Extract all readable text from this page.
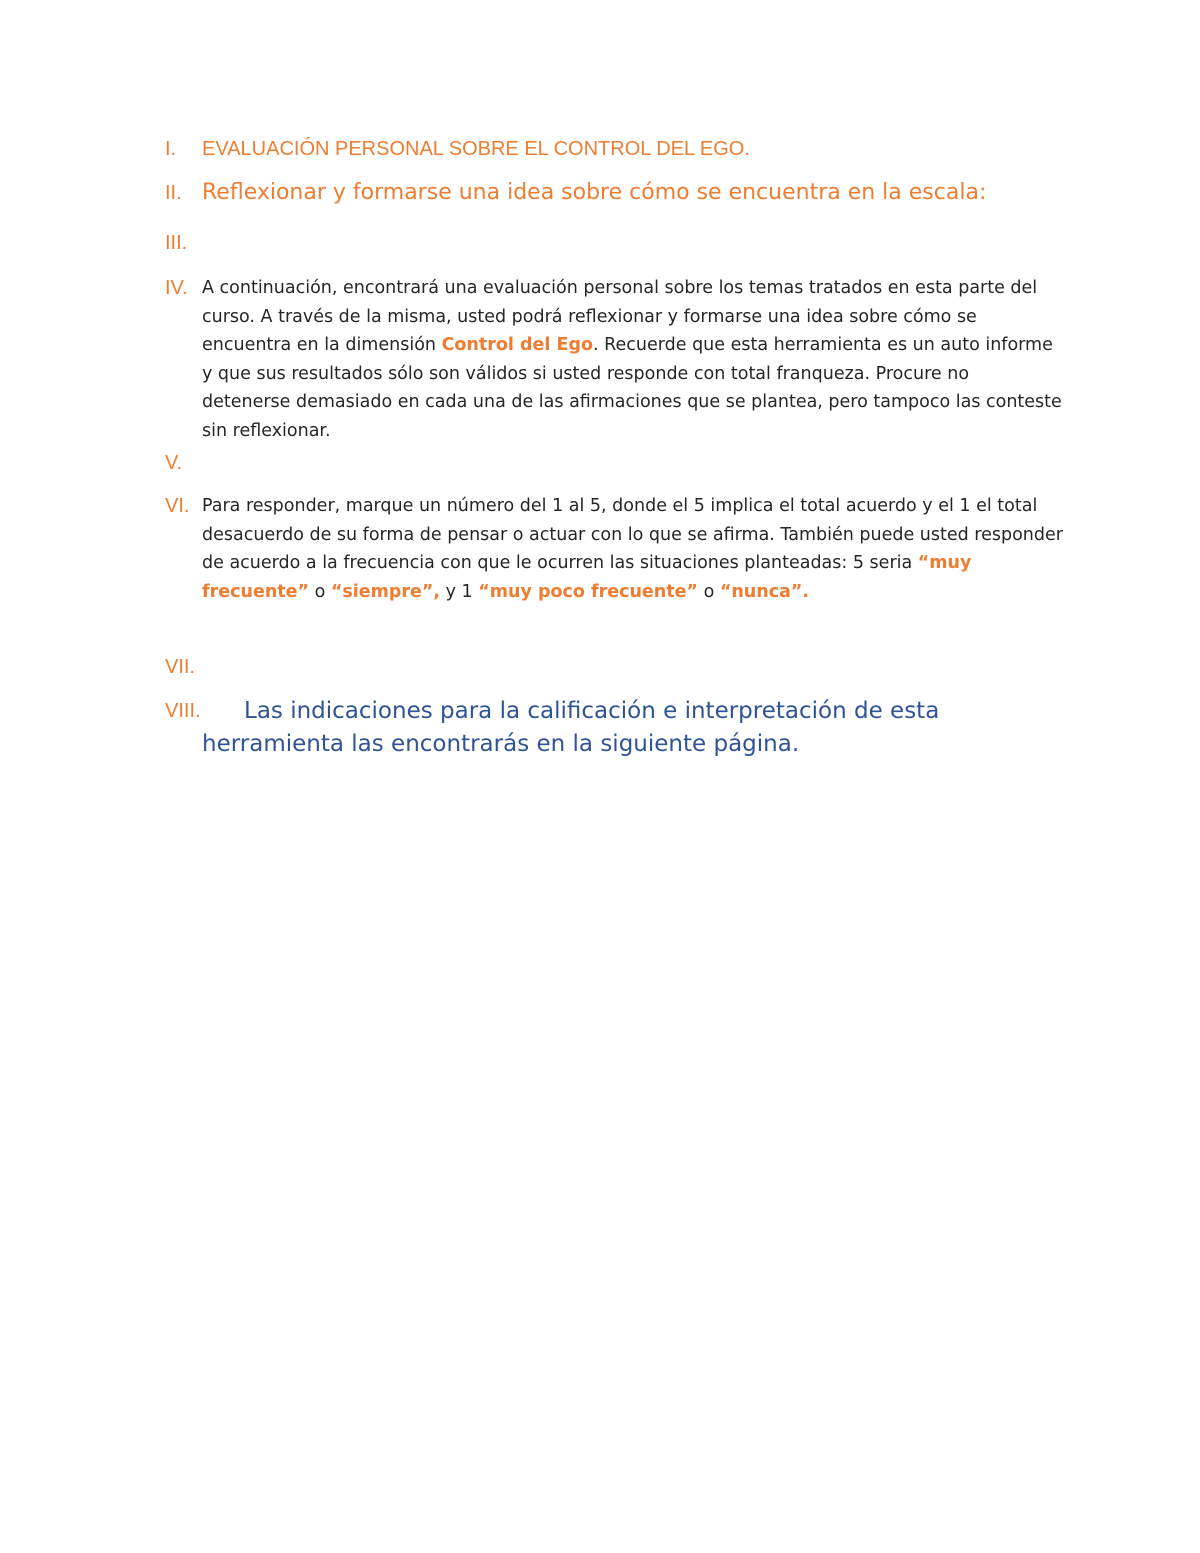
I. EVALUACIÓN PERSONAL SOBRE EL CONTROL DEL EGO.
II. Reflexionar y formarse una idea sobre cómo se encuentra en la escala:
III.
IV. A continuación, encontrará una evaluación personal sobre los temas tratados en esta parte del curso. A través de la misma, usted podrá reflexionar y formarse una idea sobre cómo se encuentra en la dimensión Control del Ego. Recuerde que esta herramienta es un auto informe y que sus resultados sólo son válidos si usted responde con total franqueza. Procure no detenerse demasiado en cada una de las afirmaciones que se plantea, pero tampoco las conteste sin reflexionar.
V.
VI. Para responder, marque un número del 1 al 5, donde el 5 implica el total acuerdo y el 1 el total desacuerdo de su forma de pensar o actuar con lo que se afirma. También puede usted responder de acuerdo a la frecuencia con que le ocurren las situaciones planteadas: 5 seria “muy frecuente” o “siempre”, y 1 “muy poco frecuente” o “nunca”.
VII.
VIII.	Las indicaciones para la calificación e interpretación de esta herramienta las encontrarás en la siguiente página.
